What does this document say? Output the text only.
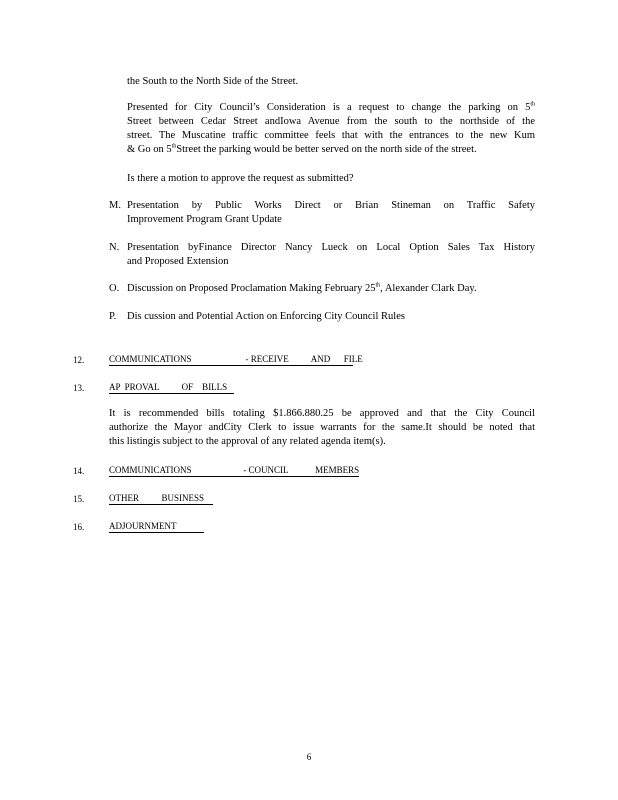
the South to the North Side of the Street.
Presented for City Council’s Consideration is a request to change the parking on 5th
Street between Cedar Street andIowa Avenue from the south to the northside of the
street. The Muscatine traffic committee feels that with the entrances to the new Kum
& Go on 5thStreet the parking would be better served on the north side of the street.
Is there a motion to approve the request as submitted?
M. Presentation by Public Works Direct or Brian Stineman on Traffic Safety
Improvement Program Grant Update
N. Presentation byFinance Director Nancy Lueck on Local Option Sales Tax History
and Proposed Extension
O. Discussion on Proposed Proclamation Making February 25th, Alexander Clark Day.
P. Dis cussion and Potential Action on Enforcing City Council Rules
12.	COMMUNICATIONS                        - RECEIVE          AND      FILE
13.	AP  PROVAL          OF    BILLS
It is recommended bills totaling $1.866.880.25 be approved and that the City Council
authorize the Mayor andCity Clerk to issue warrants for the same.It should be noted that
this listingis subject to the approval of any related agenda item(s).
14.	COMMUNICATIONS                       - COUNCIL            MEMBERS
15.	OTHER          BUSINESS
16.	ADJOURNMENT
6
